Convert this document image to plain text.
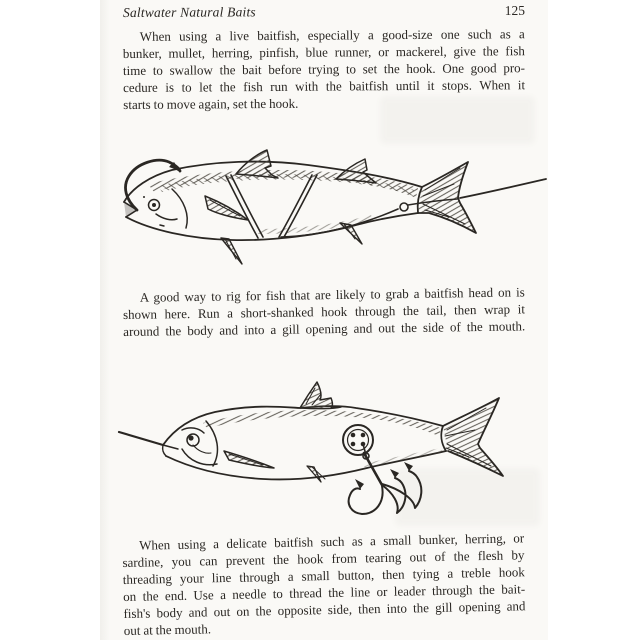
Saltwater Natural Baits	125
When using a live baitfish, especially a good-size one such as a
bunker, mullet, herring, pinfish, blue runner, or mackerel, give the fish
time to swallow the bait before trying to set the hook. One good pro-
cedure is to let the fish run with the baitfish until it stops. When it
starts to move again, set the hook.
A good way to rig for fish that are likely to grab a baitfish head on is
shown here. Run a short-shanked hook through the tail, then wrap it
around the body and into a gill opening and out the side of the mouth.
When using a delicate baitfish such as a small bunker, herring, or
sardine, you can prevent the hook from tearing out of the flesh by
threading your line through a small button, then tying a treble hook
on the end. Use a needle to thread the line or leader through the bait-
fish's body and out on the opposite side, then into the gill opening and
out at the mouth.
